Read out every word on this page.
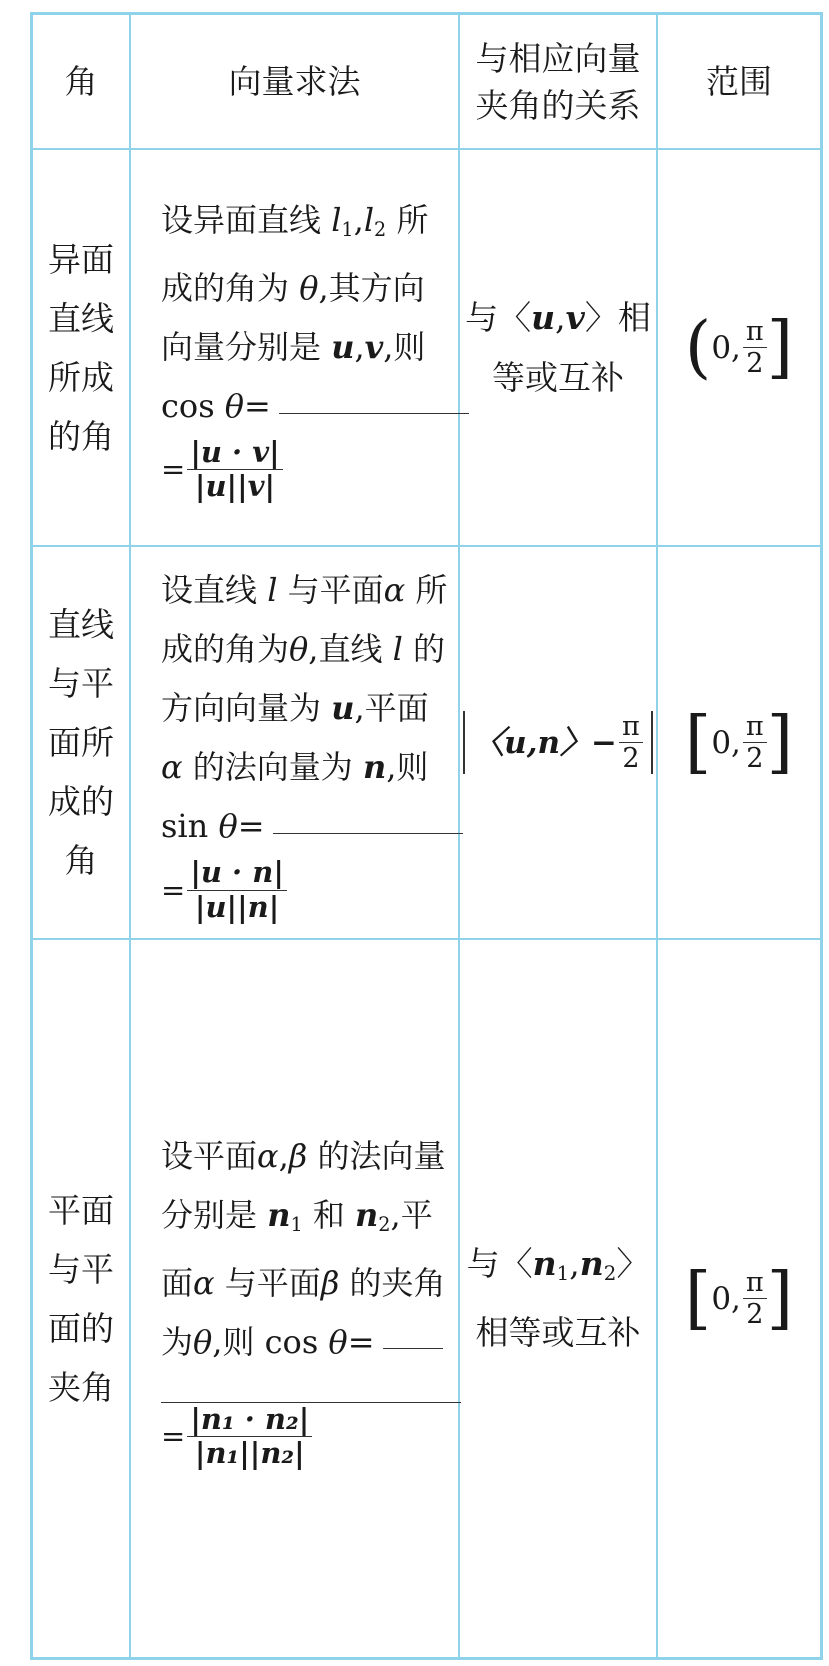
角	向量求法
与相应向量
夹角的关系
范围
异面
直线
所成
的角
设异面直线 $l_1,l_2$ 所
成的角为 θ,其方向
向量分别是 u,v,则
cos θ=
= $\frac{|u \cdot v|}{|u||v|}$
与〈u,v〉相
等或互补 ( 0, $\frac{\pi}{2}$ ]
直线
与平
面所
成的
角
设直线 l 与平面α 所
成的角为θ,直线 l 的
方向向量为 u,平面
α 的法向量为 n,则
sin θ=
= $\frac{|u \cdot n|}{|u||n|}$
〈u,n〉− $\frac{\pi}{2}$ [ 0, $\frac{\pi}{2}$ ]
平面
与平
面的
夹角
设平面α,β 的法向量
分别是 $n_1$ 和 $n_2$,平
面α 与平面β 的夹角
为θ,则 cos θ=
= $\frac{\text{|n₁ · n₂|}}{\text{|n₁||n₂|}}$
与〈$n_1,n_2$〉
相等或互补 [ 0, $\frac{\pi}{2}$ ]
